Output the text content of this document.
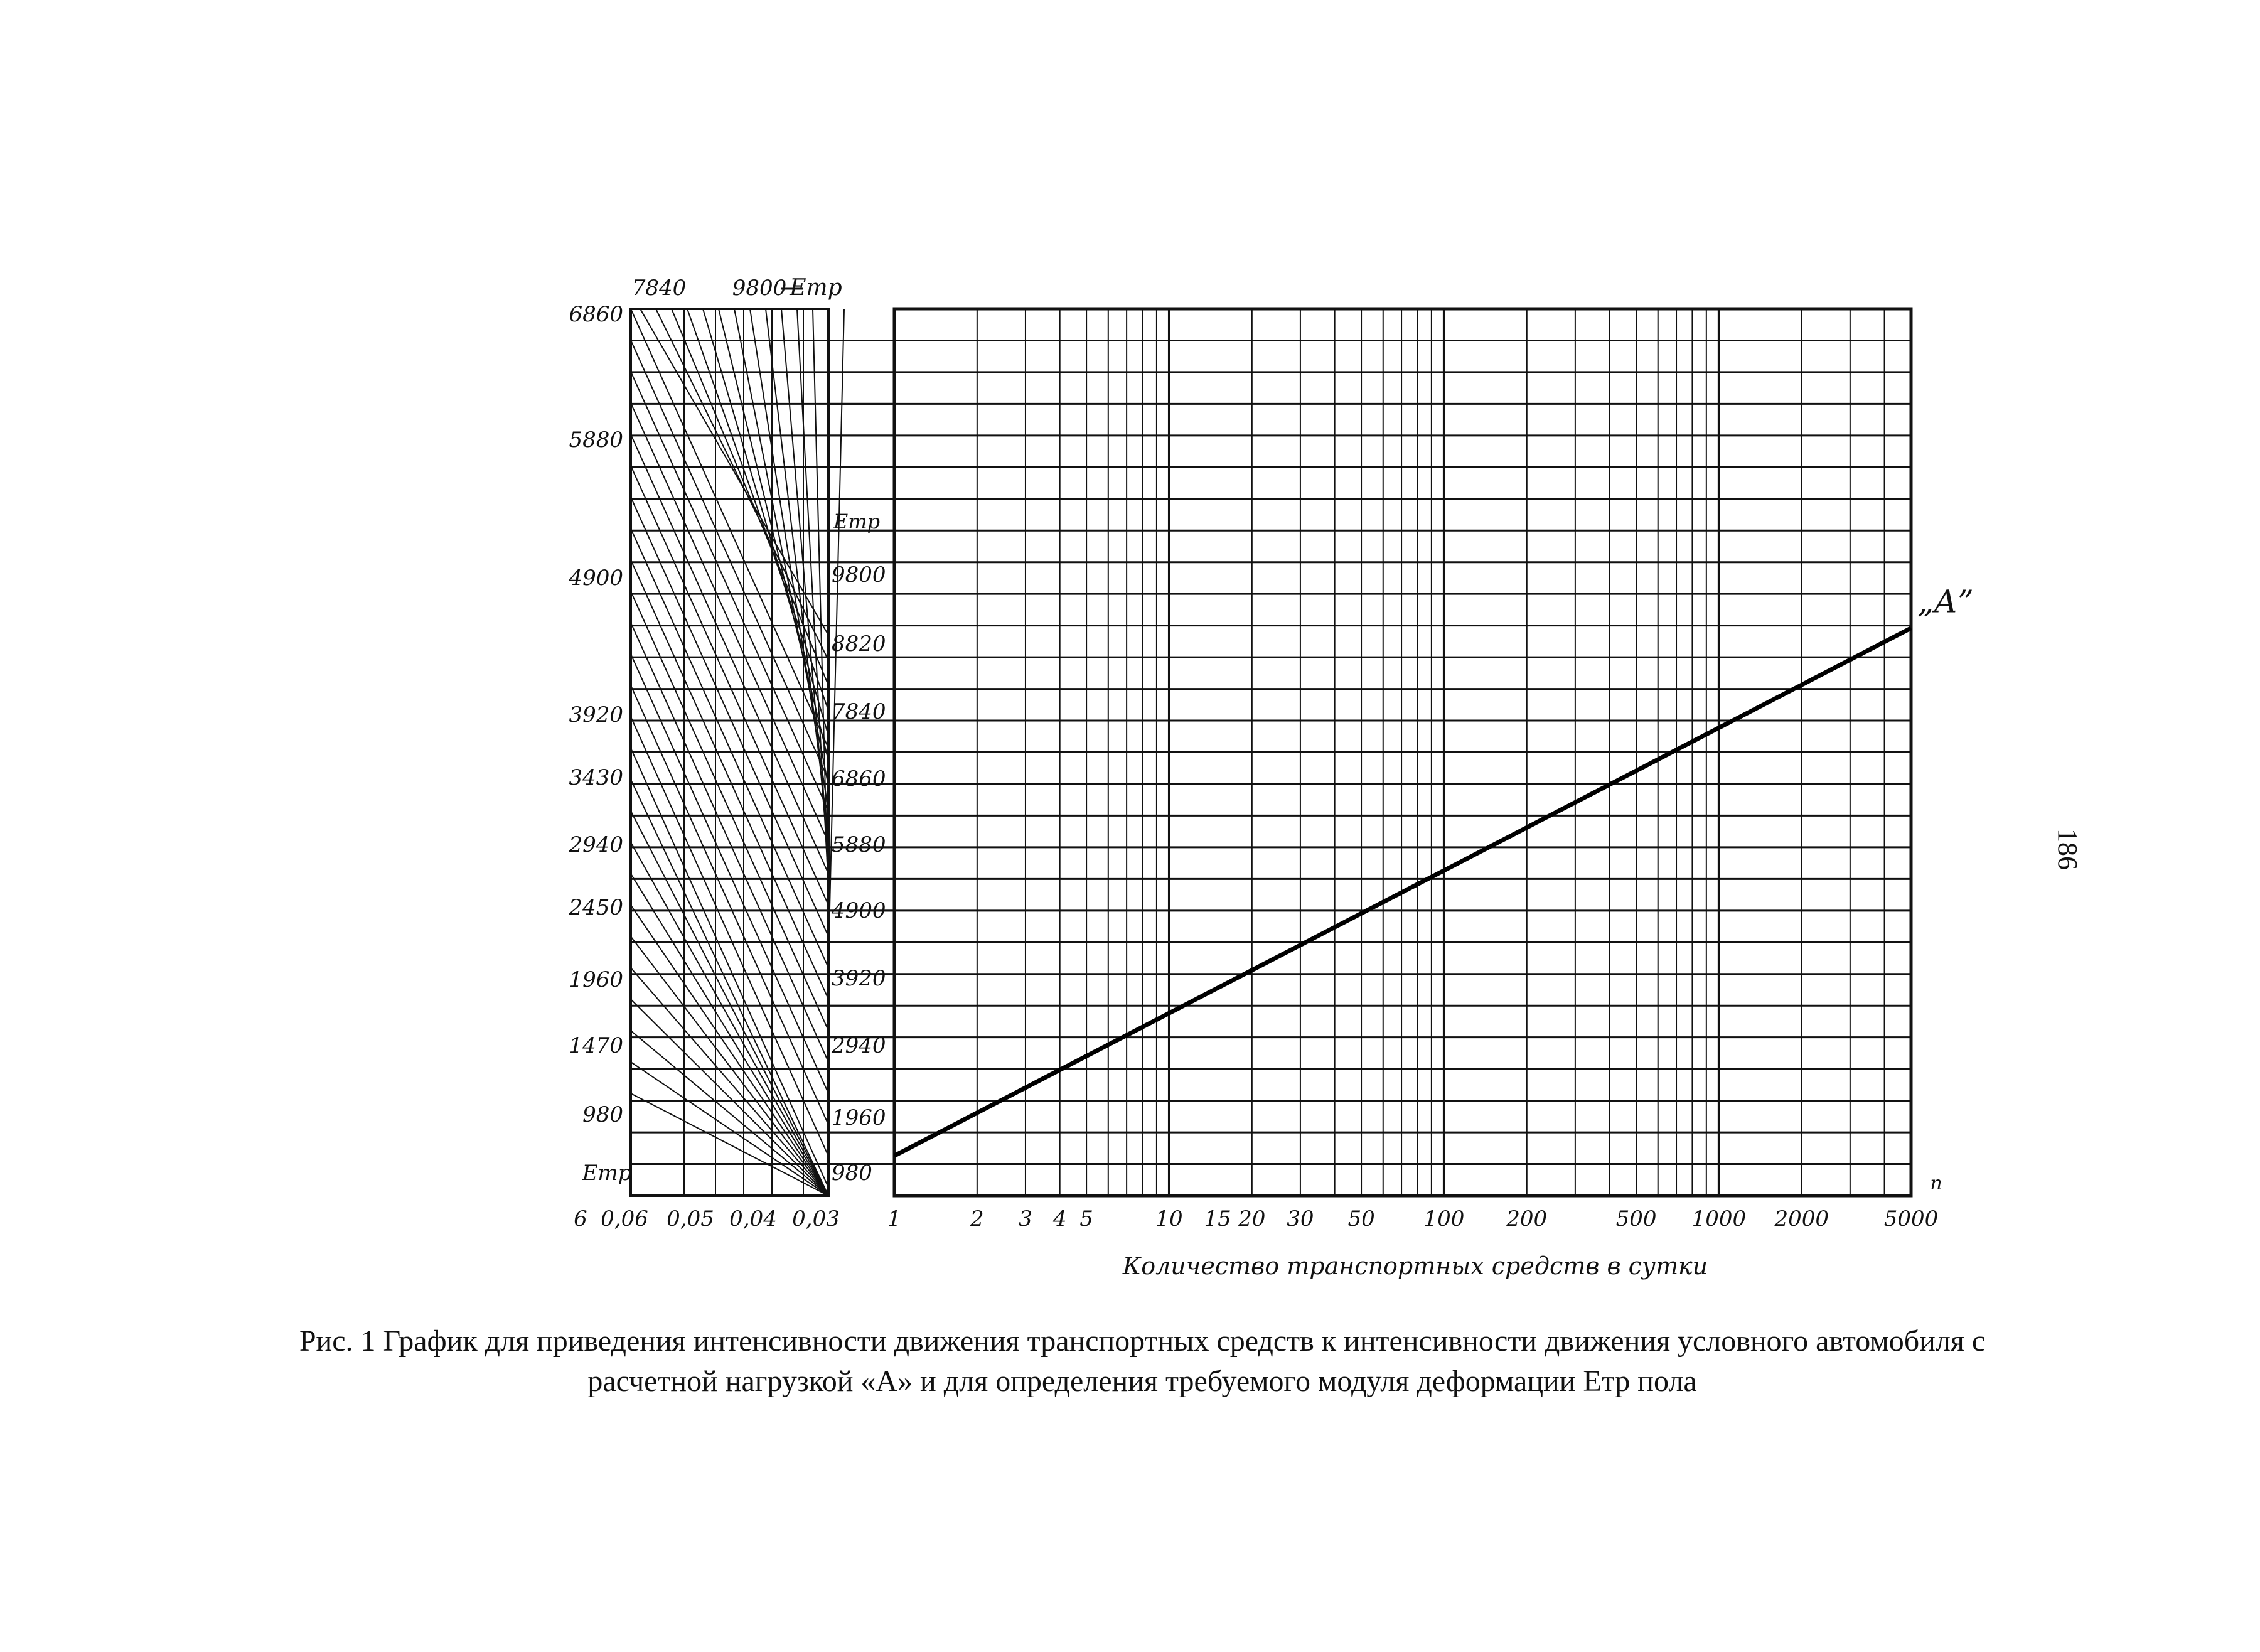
„А”
1	2 3 4 5	10 15 20 30 50 100 200	500 1000 2000	5000
n
Количество транспортных средств в сутки
6 0,06 0,05 0,04 0,03
6860
5880
4900
3920
3430
2940
2450
1960
1470
980
Eтр
9800
8820
7840
6860
5880
4900
3920
2940
1960
980
Eтр
7840 9800 Eтр
Рис. 1 График для приведения интенсивности движения транспортных средств к интенсивности движения условного автомобиля с
расчетной нагрузкой «А» и для определения требуемого модуля деформации Eтр пола
186
